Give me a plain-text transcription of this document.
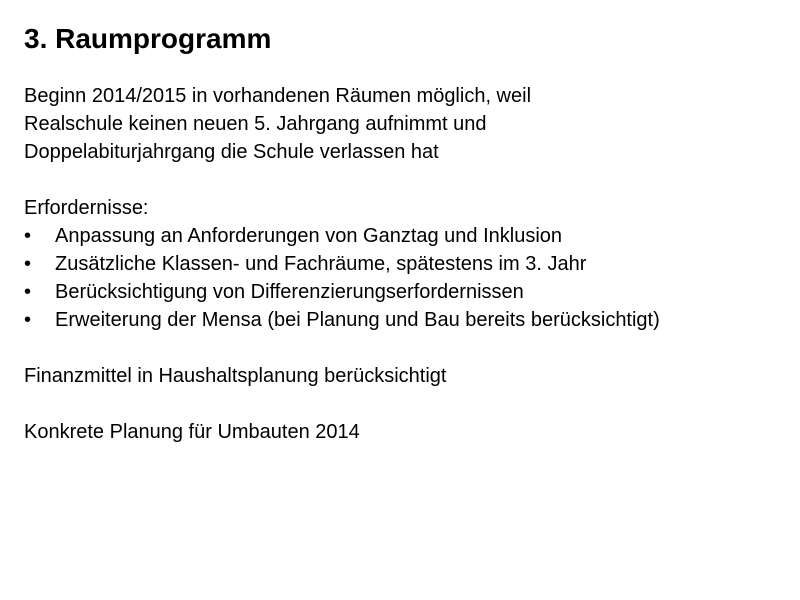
3. Raumprogramm
Beginn 2014/2015 in vorhandenen Räumen möglich, weil
Realschule keinen neuen 5. Jahrgang aufnimmt und
Doppelabiturjahrgang die Schule verlassen hat
Erfordernisse:
• Anpassung an Anforderungen von Ganztag und Inklusion
• Zusätzliche Klassen- und Fachräume, spätestens im 3. Jahr
• Berücksichtigung von Differenzierungserfordernissen
• Erweiterung der Mensa (bei Planung und Bau bereits berücksichtigt)
Finanzmittel in Haushaltsplanung berücksichtigt
Konkrete Planung für Umbauten 2014
